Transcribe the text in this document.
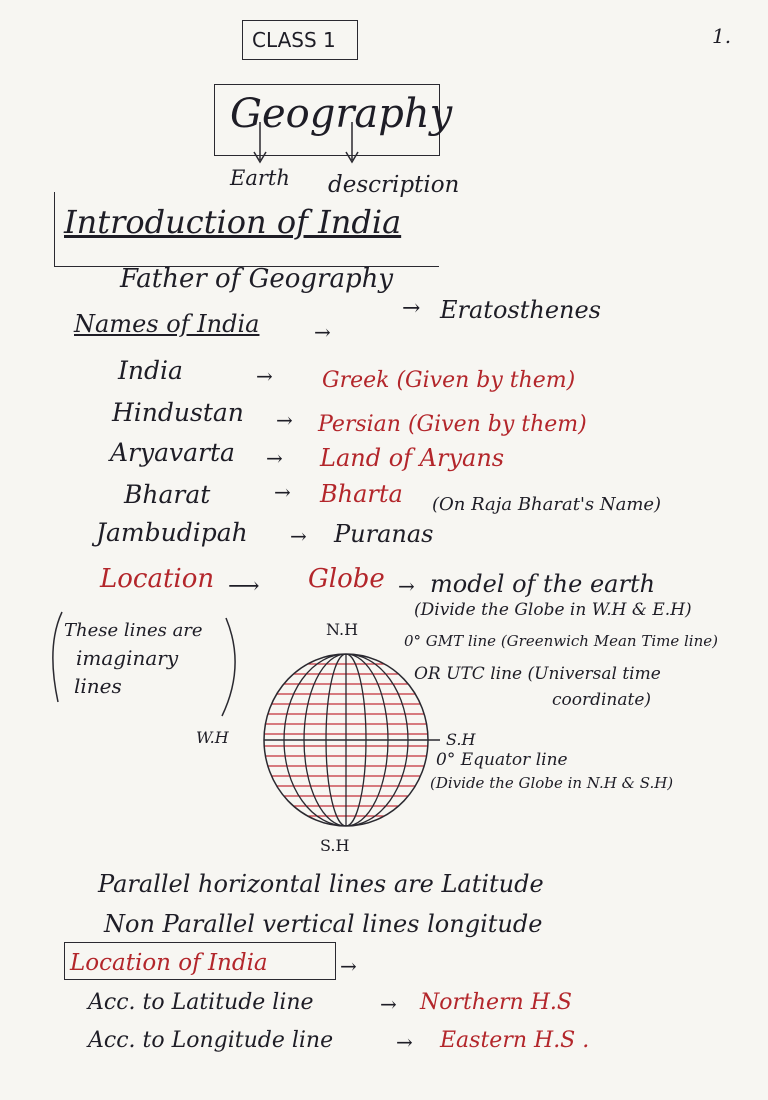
CLASS 1	1.
Geography
Earth description
Introduction of India
Father of Geography
→ Eratosthenes
Names of India	→
India	→ Greek (Given by them)
Hindustan → Persian (Given by them)
Aryavarta → Land of Aryans
Bharat	→ Bharta (On Raja Bharat's Name)
Jambudipah → Puranas
Location ⟶ Globe → model of the earth
(Divide the Globe in W.H & E.H)
These lines are
imaginary
lines
N.H
S.H
W.H
0° GMT line (Greenwich Mean Time line)
OR UTC line (Universal time
coordinate)
S.H
0° Equator line
(Divide the Globe in N.H & S.H)
Parallel horizontal lines are Latitude
Non Parallel vertical lines longitude
Location of India	→
Acc. to Latitude line	→ Northern H.S
Acc. to Longitude line	→ Eastern H.S .
